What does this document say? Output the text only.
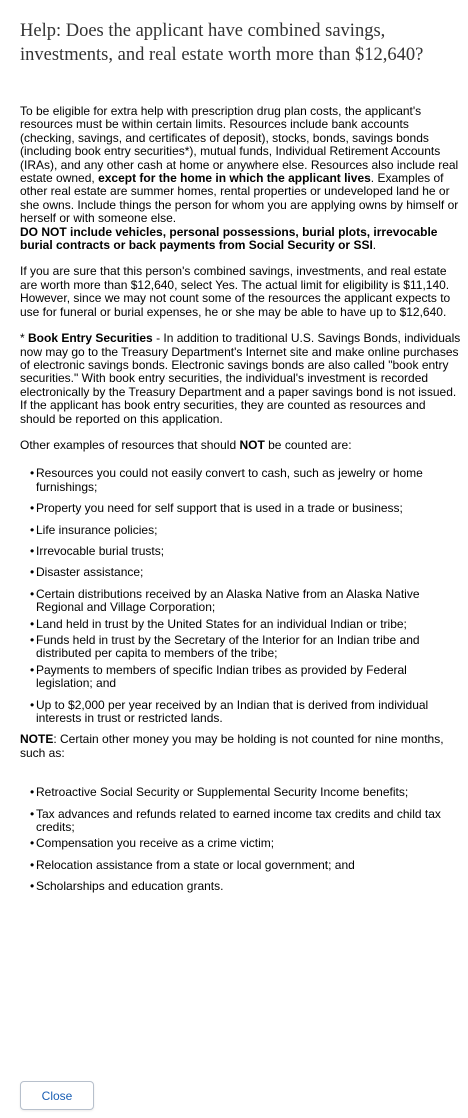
Help: Does the applicant have combined savings, investments, and real estate worth more than $12,640?

To be eligible for extra help with prescription drug plan costs, the applicant's resources must be within certain limits. Resources include bank accounts (checking, savings, and certificates of deposit), stocks, bonds, savings bonds (including book entry securities*), mutual funds, Individual Retirement Accounts (IRAs), and any other cash at home or anywhere else. Resources also include real estate owned, except for the home in which the applicant lives. Examples of other real estate are summer homes, rental properties or undeveloped land he or she owns. Include things the person for whom you are applying owns by himself or herself or with someone else.
DO NOT include vehicles, personal possessions, burial plots, irrevocable burial contracts or back payments from Social Security or SSI.

If you are sure that this person's combined savings, investments, and real estate are worth more than $12,640, select Yes. The actual limit for eligibility is $11,140. However, since we may not count some of the resources the applicant expects to use for funeral or burial expenses, he or she may be able to have up to $12,640.

* Book Entry Securities - In addition to traditional U.S. Savings Bonds, individuals now may go to the Treasury Department's Internet site and make online purchases of electronic savings bonds. Electronic savings bonds are also called "book entry securities." With book entry securities, the individual's investment is recorded electronically by the Treasury Department and a paper savings bond is not issued. If the applicant has book entry securities, they are counted as resources and should be reported on this application.

Other examples of resources that should NOT be counted are:

• Resources you could not easily convert to cash, such as jewelry or home furnishings;
• Property you need for self support that is used in a trade or business;
• Life insurance policies;
• Irrevocable burial trusts;
• Disaster assistance;
• Certain distributions received by an Alaska Native from an Alaska Native Regional and Village Corporation;
• Land held in trust by the United States for an individual Indian or tribe;
• Funds held in trust by the Secretary of the Interior for an Indian tribe and distributed per capita to members of the tribe;
• Payments to members of specific Indian tribes as provided by Federal legislation; and
• Up to $2,000 per year received by an Indian that is derived from individual interests in trust or restricted lands.

NOTE: Certain other money you may be holding is not counted for nine months, such as:

• Retroactive Social Security or Supplemental Security Income benefits;
• Tax advances and refunds related to earned income tax credits and child tax credits;
• Compensation you receive as a crime victim;
• Relocation assistance from a state or local government; and
• Scholarships and education grants.
Close
